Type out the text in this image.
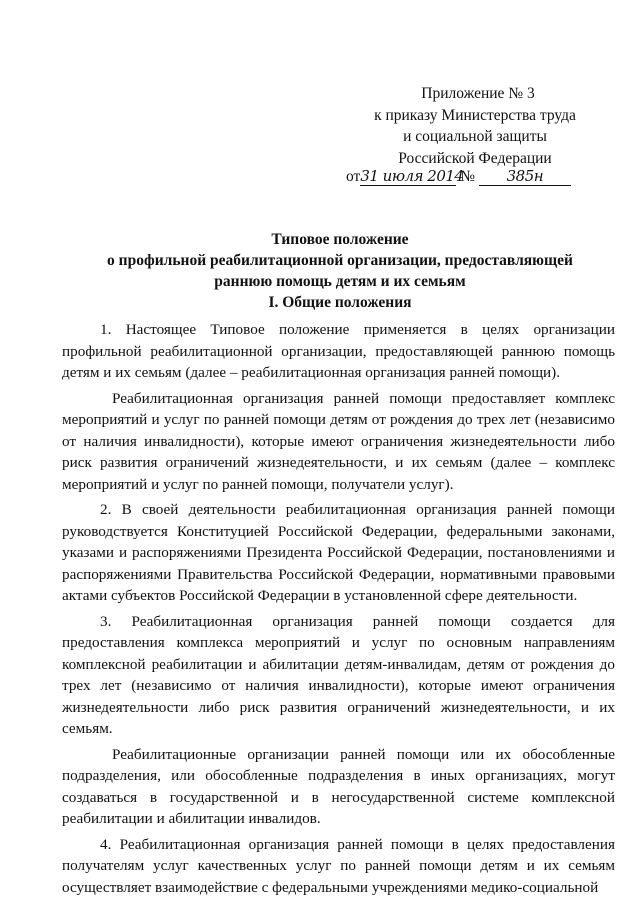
Приложение № 3
к приказу Министерства труда
и социальной защиты
Российской Федерации
от31 июля 2014 № 385н
Типовое положение
о профильной реабилитационной организации, предоставляющей
раннюю помощь детям и их семьям
I. Общие положения

1. Настоящее Типовое положение применяется в целях организации профильной реабилитационной организации, предоставляющей раннюю помощь детям и их семьям (далее – реабилитационная организация ранней помощи).

Реабилитационная организация ранней помощи предоставляет комплекс мероприятий и услуг по ранней помощи детям от рождения до трех лет (независимо от наличия инвалидности), которые имеют ограничения жизнедеятельности либо риск развития ограничений жизнедеятельности, и их семьям (далее – комплекс мероприятий и услуг по ранней помощи, получатели услуг).

2. В своей деятельности реабилитационная организация ранней помощи руководствуется Конституцией Российской Федерации, федеральными законами, указами и распоряжениями Президента Российской Федерации, постановлениями и распоряжениями Правительства Российской Федерации, нормативными правовыми актами субъектов Российской Федерации в установленной сфере деятельности.

3. Реабилитационная организация ранней помощи создается для предоставления комплекса мероприятий и услуг по основным направлениям комплексной реабилитации и абилитации детям-инвалидам, детям от рождения до трех лет (независимо от наличия инвалидности), которые имеют ограничения жизнедеятельности либо риск развития ограничений жизнедеятельности, и их семьям.

Реабилитационные организации ранней помощи или их обособленные подразделения, или обособленные подразделения в иных организациях, могут создаваться в государственной и в негосударственной системе комплексной реабилитации и абилитации инвалидов.

4. Реабилитационная организация ранней помощи в целях предоставления получателям услуг качественных услуг по ранней помощи детям и их семьям осуществляет взаимодействие с федеральными учреждениями медико-социальной
